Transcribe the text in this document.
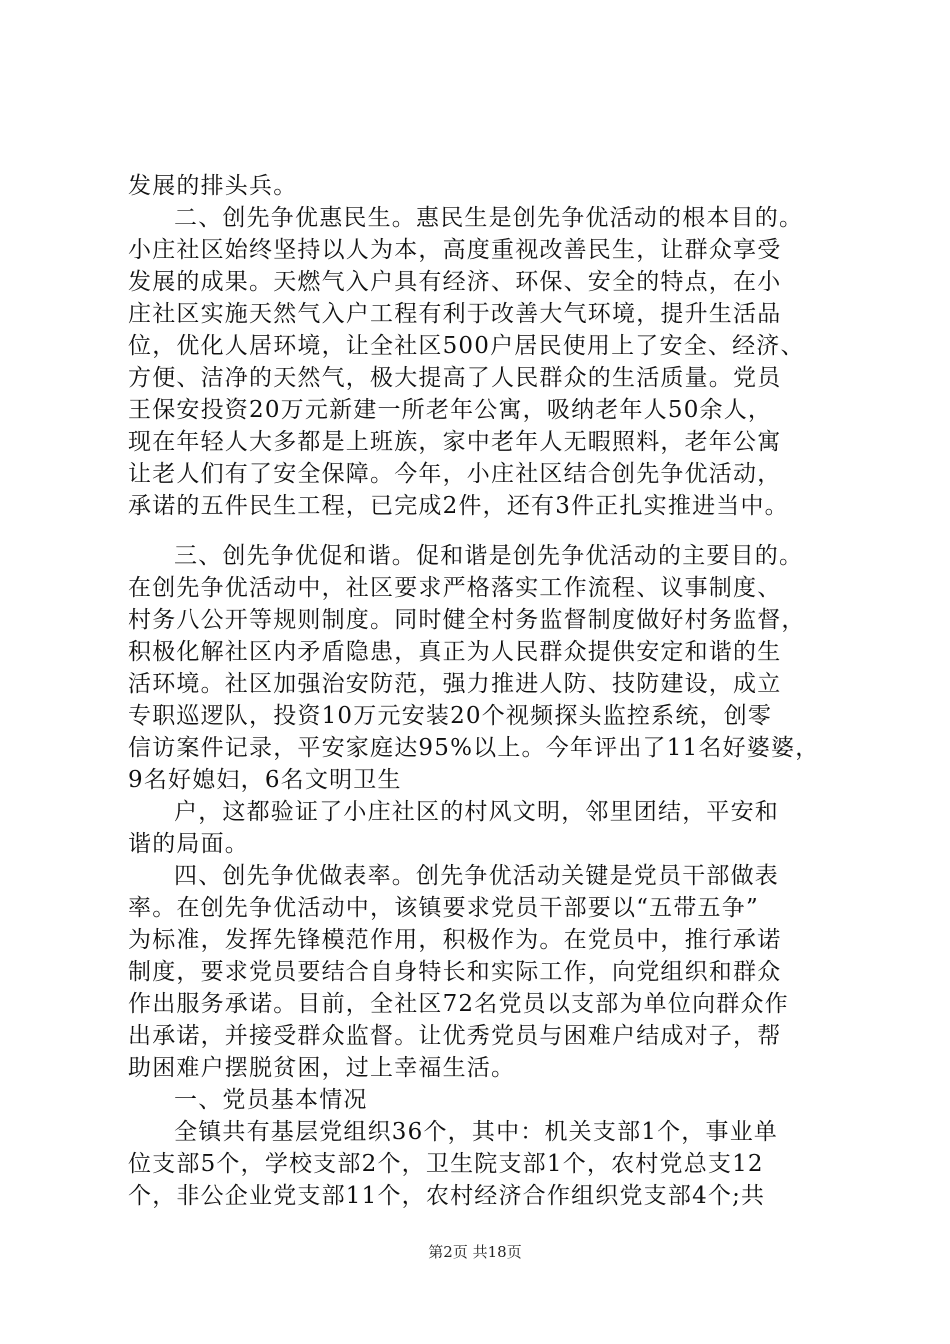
发展的排头兵。
二、创先争优惠民生。惠民生是创先争优活动的根本目的。
小庄社区始终坚持以人为本，高度重视改善民生，让群众享受
发展的成果。天燃气入户具有经济、环保、安全的特点，在小
庄社区实施天然气入户工程有利于改善大气环境，提升生活品
位，优化人居环境，让全社区500户居民使用上了安全、经济、
方便、洁净的天然气，极大提高了人民群众的生活质量。党员
王保安投资20万元新建一所老年公寓，吸纳老年人50余人，
现在年轻人大多都是上班族，家中老年人无暇照料，老年公寓
让老人们有了安全保障。今年，小庄社区结合创先争优活动，
承诺的五件民生工程，已完成2件，还有3件正扎实推进当中。
三、创先争优促和谐。促和谐是创先争优活动的主要目的。
在创先争优活动中，社区要求严格落实工作流程、议事制度、
村务八公开等规则制度。同时健全村务监督制度做好村务监督，
积极化解社区内矛盾隐患，真正为人民群众提供安定和谐的生
活环境。社区加强治安防范，强力推进人防、技防建设，成立
专职巡逻队，投资10万元安装20个视频探头监控系统，创零
信访案件记录，平安家庭达95%以上。今年评出了11名好婆婆，
9名好媳妇，6名文明卫生
户，这都验证了小庄社区的村风文明，邻里团结，平安和
谐的局面。
四、创先争优做表率。创先争优活动关键是党员干部做表
率。在创先争优活动中，该镇要求党员干部要以“五带五争”
为标准，发挥先锋模范作用，积极作为。在党员中，推行承诺
制度，要求党员要结合自身特长和实际工作，向党组织和群众
作出服务承诺。目前，全社区72名党员以支部为单位向群众作
出承诺，并接受群众监督。让优秀党员与困难户结成对子，帮
助困难户摆脱贫困，过上幸福生活。
一、党员基本情况
全镇共有基层党组织36个，其中：机关支部1个，事业单
位支部5个，学校支部2个，卫生院支部1个，农村党总支12
个，非公企业党支部11个，农村经济合作组织党支部4个;共
第2页 共18页
